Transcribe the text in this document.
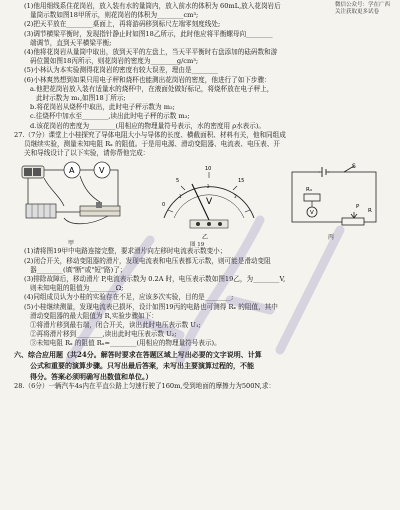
微信公众号：学在广西
关注获取更多试卷
(1)他用细线系住花岗岩，放入装有水的量筒内，放入前水的体积为 60mL,放入花岗岩后
量筒示数如图18甲所示，则花岗岩的体积为________cm³;
(2)把天平放在________桌面上，再将游码移到标尺左端零刻度线处;
(3)调节横梁平衡时，发现指针静止时如图18乙所示，此时他应将平衡螺母向________
端调节，直到天平横梁平衡;
(4)他将花岗岩从量筒中取出，放到天平的左盘上，当天平平衡时右盘添加的砝码数和游
码位置如图18丙所示，则花岗岩的密度为________g/cm³;
(5)小林认为本实验测得花岗岩的密度有较大误差，理由是________
(6)小林爽然想到如果只用电子秤和烧杯也能测出花岗岩的密度，他进行了如下步骤：
a.他把花岗岩放入装有适量水的烧杯中，在液面处做好标记，将烧杯放在电子秤上，
此时示数为 m₁,如图18丁所示;
b.将花岗岩从烧杯中取出，此时电子秤示数为 m₂;
c.往烧杯中加水至________,读出此时电子秤的示数 m₃;
d.该花岗岩的密度为________(用相应的物理量符号表示，水的密度用 ρ水表示)。
27.（7分）课堂上小桂探究了导体电阻大小与导体的长度、横截面积、材料有关，他和同组成
员继续实验，测量未知电阻 Rₓ 的阻值。于是用电源、滑动变阻器、电流表、电压表、开
关和导线设计了以下实验，请你帮他完成：
A	V
甲
0
5
10
15
1
2
3
V
乙
图 19
S
Rₓ
V	R
P
丙
(1)请将图19甲中电路连接完整，要求滑片向左移时电流表示数变小；
(2)闭合开关，移动变阻器的滑片，发现电流表和电压表都无示数，则可能是滑动变阻
器________(填"断"或"短"路)了；
(3)排除故障后，移动滑片 P,电流表示数为 0.2A 时，电压表示数如图19乙，为________V,
则未知电阻的阻值为________Ω;
(4)同组成员认为小桂的实验存在不足，应该多次实验，目的是________;
(5)小桂继续测量，发现电流表已损坏，设计如图19丙的电路也可测得 Rₓ 的阻值，其中
滑动变阻器的最大阻值为 R,实验步骤如下：
①将滑片移到最右端，闭合开关，读出此时电压表示数 U₁;
②再将滑片移到________,读出此时电压表示数 U₂;
③未知电阻 Rₓ 的阻值 Rₓ=________(用相应的物理量符号表示)。
六、综合应用题（共24分。解答时要求在答题区域上写出必要的文字说明、计算
公式和重要的演算步骤。只写出最后答案，未写出主要演算过程的，不能
得分。答案必须明确写出数值和单位。）
28.（6分）一辆汽车4s内在平直公路上匀速行驶了160m,受到地面的摩擦力为500N,求：
